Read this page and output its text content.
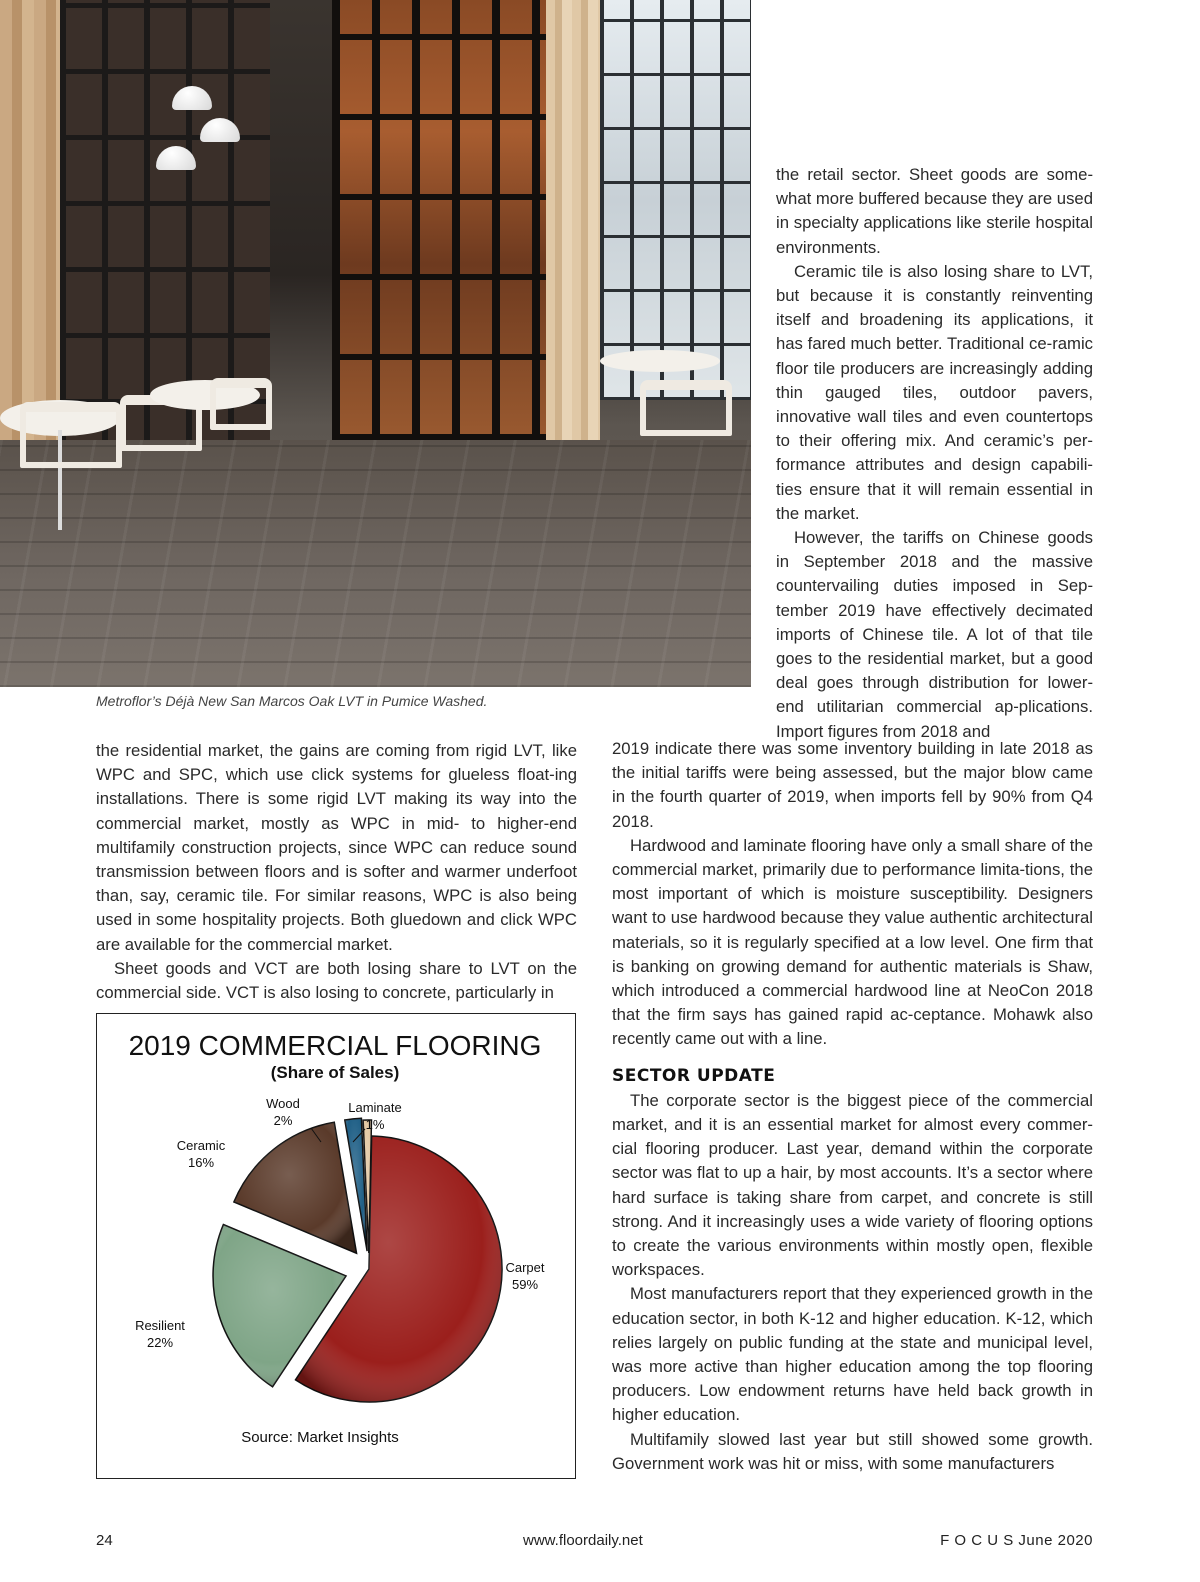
Metroflor’s Déjà New San Marcos Oak LVT in Pumice Washed.

the retail sector. Sheet goods are some-what more buffered because they are used in specialty applications like sterile hospital environments.

Ceramic tile is also losing share to LVT, but because it is constantly reinventing itself and broadening its applications, it has fared much better. Traditional ce-ramic floor tile producers are increasingly adding thin gauged tiles, outdoor pavers, innovative wall tiles and even countertops to their offering mix. And ceramic’s per-formance attributes and design capabili-ties ensure that it will remain essential in the market.

However, the tariffs on Chinese goods in September 2018 and the massive countervailing duties imposed in Sep-tember 2019 have effectively decimated imports of Chinese tile. A lot of that tile goes to the residential market, but a good deal goes through distribution for lower-end utilitarian commercial ap-plications. Import figures from 2018 and

2019 indicate there was some inventory building in late 2018 as the initial tariffs were being assessed, but the major blow came in the fourth quarter of 2019, when imports fell by 90% from Q4 2018.

Hardwood and laminate flooring have only a small share of the commercial market, primarily due to performance limita-tions, the most important of which is moisture susceptibility. Designers want to use hardwood because they value authentic architectural materials, so it is regularly specified at a low level. One firm that is banking on growing demand for authentic materials is Shaw, which introduced a commercial hardwood line at NeoCon 2018 that the firm says has gained rapid ac-ceptance. Mohawk also recently came out with a line.

SECTOR UPDATE

The corporate sector is the biggest piece of the commercial market, and it is an essential market for almost every commer-cial flooring producer. Last year, demand within the corporate sector was flat to up a hair, by most accounts. It’s a sector where hard surface is taking share from carpet, and concrete is still strong. And it increasingly uses a wide variety of flooring options to create the various environments within mostly open, flexible workspaces.

Most manufacturers report that they experienced growth in the education sector, in both K-12 and higher education. K-12, which relies largely on public funding at the state and municipal level, was more active than higher education among the top flooring producers. Low endowment returns have held back growth in higher education.

Multifamily slowed last year but still showed some growth. Government work was hit or miss, with some manufacturers

the residential market, the gains are coming from rigid LVT, like WPC and SPC, which use click systems for glueless float-ing installations. There is some rigid LVT making its way into the commercial market, mostly as WPC in mid- to higher-end multifamily construction projects, since WPC can reduce sound transmission between floors and is softer and warmer underfoot than, say, ceramic tile. For similar reasons, WPC is also being used in some hospitality projects. Both gluedown and click WPC are available for the commercial market.

Sheet goods and VCT are both losing share to LVT on the commercial side. VCT is also losing to concrete, particularly in

2019 COMMERCIAL FLOORING
(Share of Sales)
Carpet
59%
Resilient
22%
Ceramic
16%
Wood
2%
Laminate
1%
Source: Market Insights
24	www.floordaily.net	F O C U S June 2020
